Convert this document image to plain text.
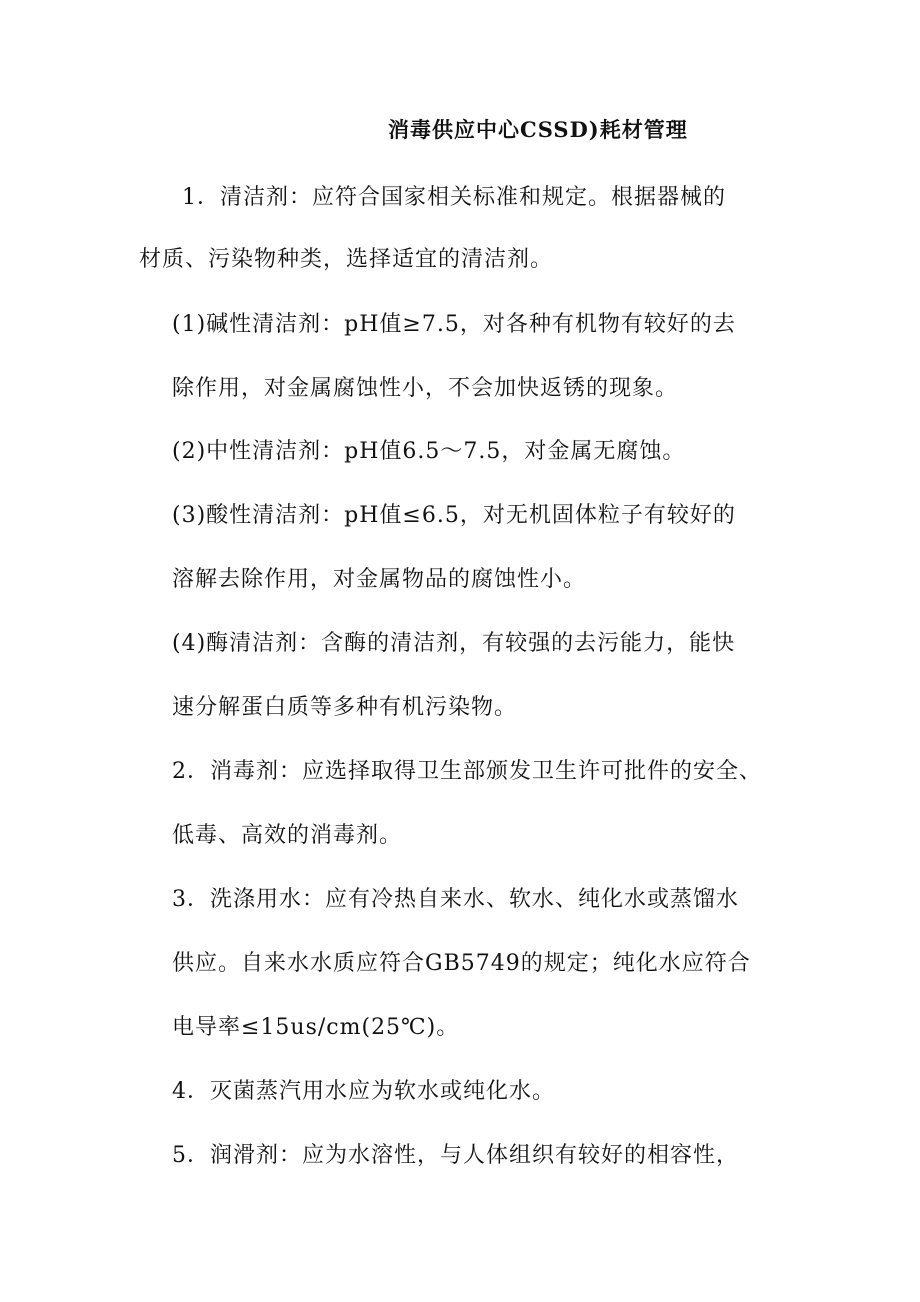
消毒供应中心CSSD)耗材管理
1．清洁剂：应符合国家相关标准和规定。根据器械的
材质、污染物种类，选择适宜的清洁剂。
(1)碱性清洁剂：pH值≥7.5，对各种有机物有较好的去
除作用，对金属腐蚀性小，不会加快返锈的现象。
(2)中性清洁剂：pH值6.5～7.5，对金属无腐蚀。
(3)酸性清洁剂：pH值≤6.5，对无机固体粒子有较好的
溶解去除作用，对金属物品的腐蚀性小。
(4)酶清洁剂：含酶的清洁剂，有较强的去污能力，能快
速分解蛋白质等多种有机污染物。
2．消毒剂：应选择取得卫生部颁发卫生许可批件的安全、
低毒、高效的消毒剂。
3．洗涤用水：应有冷热自来水、软水、纯化水或蒸馏水
供应。自来水水质应符合GB5749的规定；纯化水应符合
电导率≤15us/cm(25℃)。
4．灭菌蒸汽用水应为软水或纯化水。
5．润滑剂：应为水溶性，与人体组织有较好的相容性，
